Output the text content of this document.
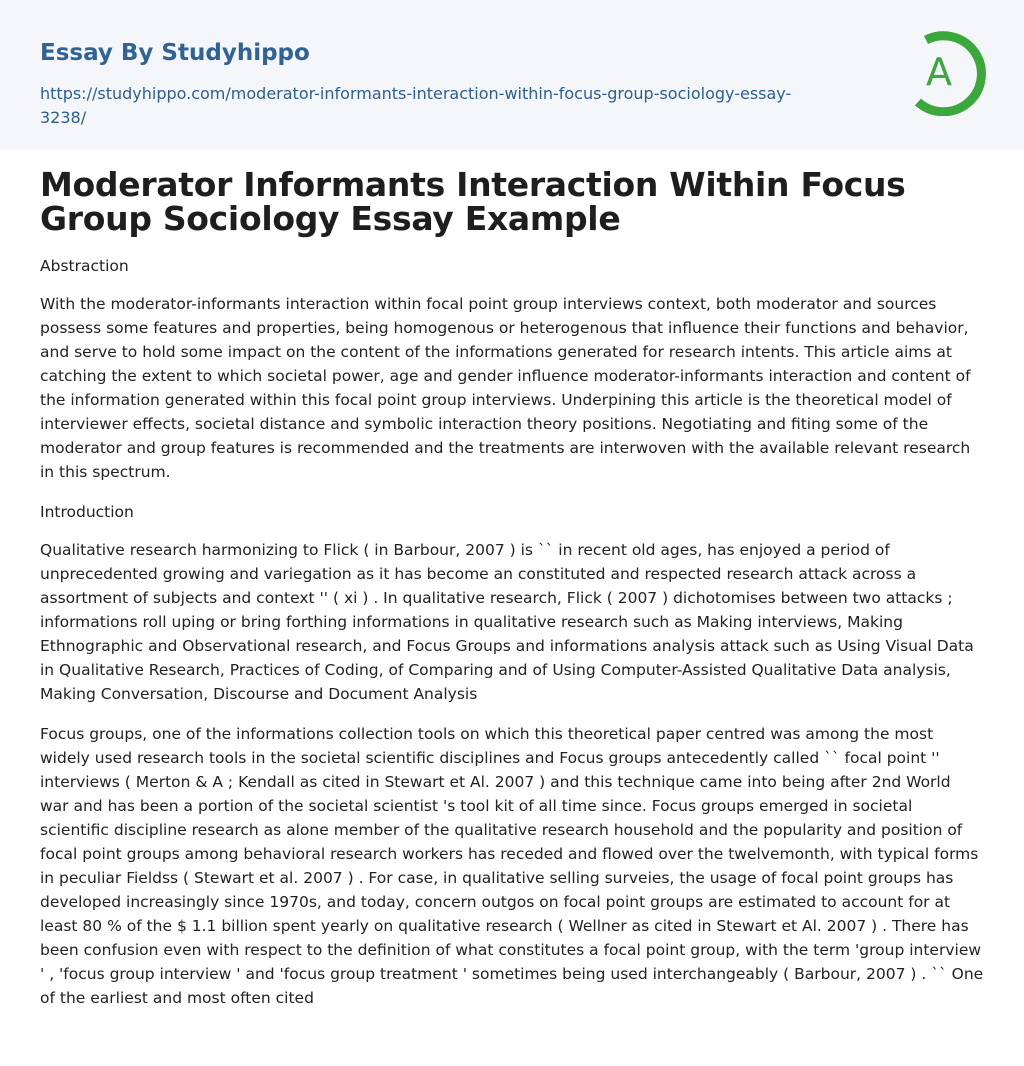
Essay By Studyhippo
https://studyhippo.com/moderator-informants-interaction-within-focus-group-sociology-essay-3238/
A
Moderator Informants Interaction Within Focus Group Sociology Essay Example

Abstraction

With the moderator-informants interaction within focal point group interviews context, both moderator and sources possess some features and properties, being homogenous or heterogenous that influence their functions and behavior, and serve to hold some impact on the content of the informations generated for research intents. This article aims at catching the extent to which societal power, age and gender influence moderator-informants interaction and content of the information generated within this focal point group interviews. Underpining this article is the theoretical model of interviewer effects, societal distance and symbolic interaction theory positions. Negotiating and fiting some of the moderator and group features is recommended and the treatments are interwoven with the available relevant research in this spectrum.

Introduction

Qualitative research harmonizing to Flick ( in Barbour, 2007 ) is `` in recent old ages, has enjoyed a period of unprecedented growing and variegation as it has become an constituted and respected research attack across a assortment of subjects and context '' ( xi ) . In qualitative research, Flick ( 2007 ) dichotomises between two attacks ; informations roll uping or bring forthing informations in qualitative research such as Making interviews, Making Ethnographic and Observational research, and Focus Groups and informations analysis attack such as Using Visual Data in Qualitative Research, Practices of Coding, of Comparing and of Using Computer-Assisted Qualitative Data analysis, Making Conversation, Discourse and Document Analysis

Focus groups, one of the informations collection tools on which this theoretical paper centred was among the most widely used research tools in the societal scientific disciplines and Focus groups antecedently called `` focal point '' interviews ( Merton & A ; Kendall as cited in Stewart et Al. 2007 ) and this technique came into being after 2nd World war and has been a portion of the societal scientist 's tool kit of all time since. Focus groups emerged in societal scientific discipline research as alone member of the qualitative research household and the popularity and position of focal point groups among behavioral research workers has receded and flowed over the twelvemonth, with typical forms in peculiar Fieldss ( Stewart et al. 2007 ) . For case, in qualitative selling surveies, the usage of focal point groups has developed increasingly since 1970s, and today, concern outgos on focal point groups are estimated to account for at least 80 % of the $ 1.1 billion spent yearly on qualitative research ( Wellner as cited in Stewart et Al. 2007 ) . There has been confusion even with respect to the definition of what constitutes a focal point group, with the term 'group interview ' , 'focus group interview ' and 'focus group treatment ' sometimes being used interchangeably ( Barbour, 2007 ) . `` One of the earliest and most often cited
